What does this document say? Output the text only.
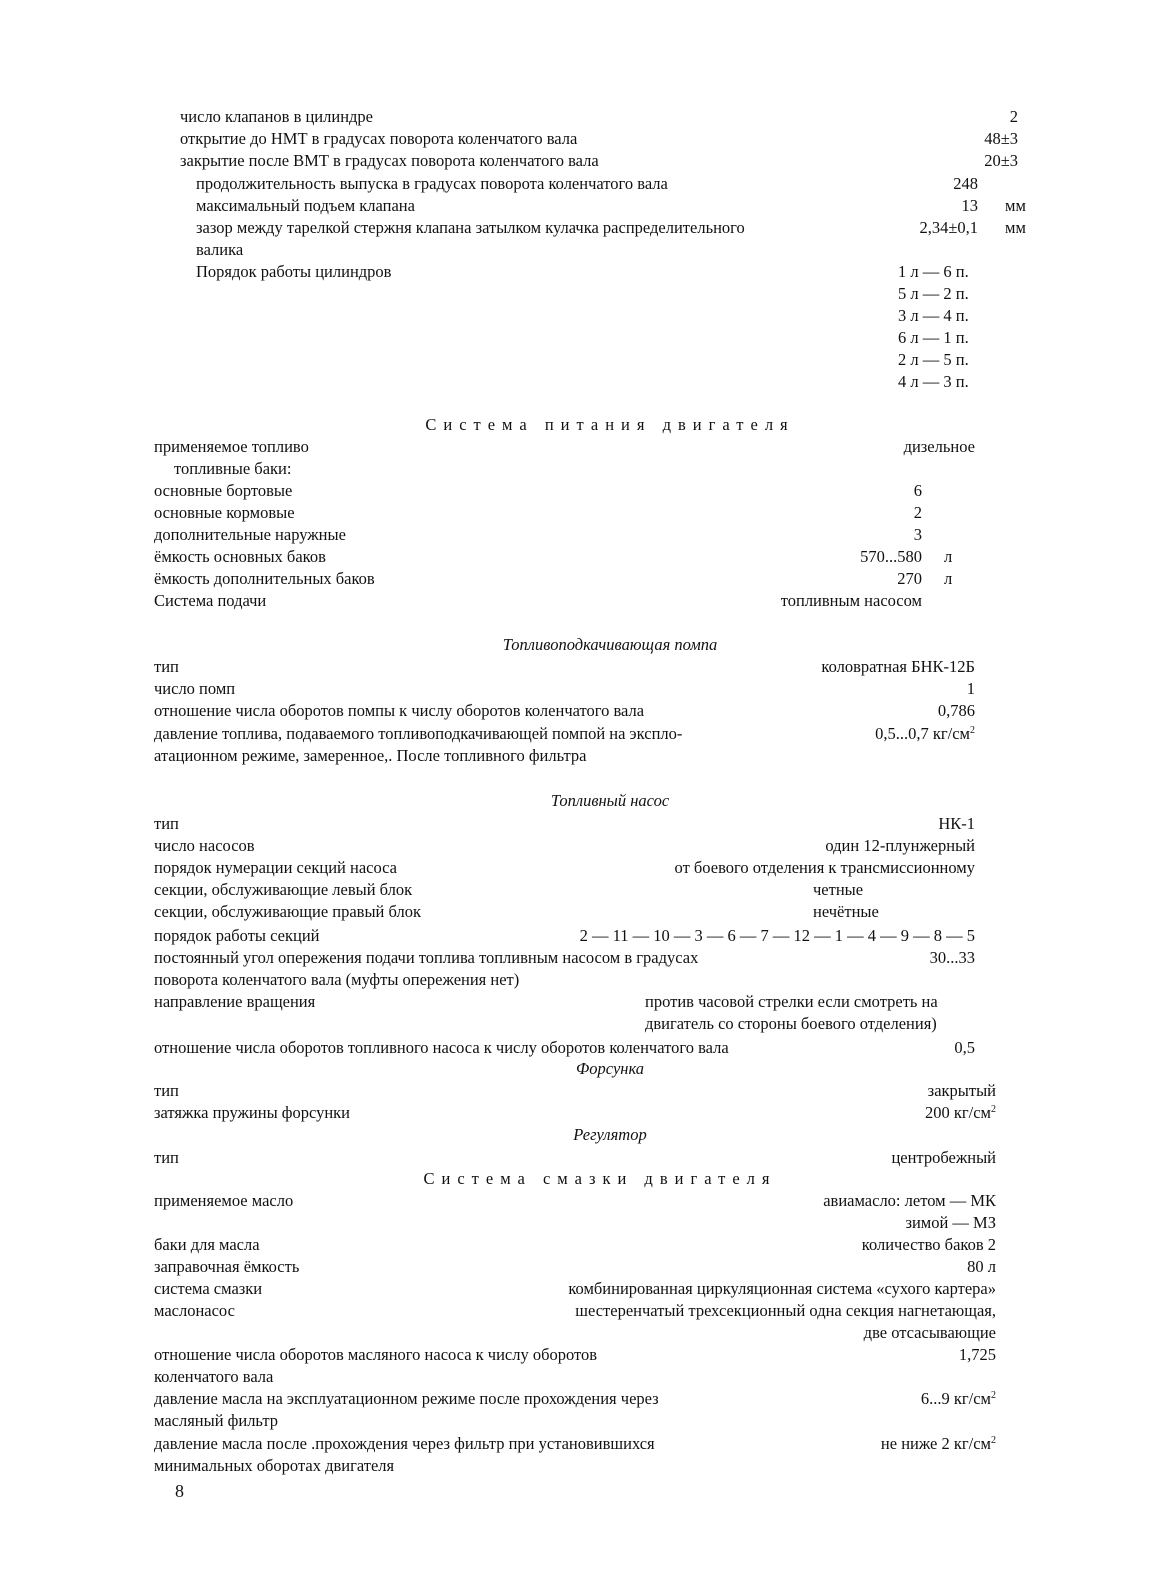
число клапанов в цилиндре	2
открытие до НМТ в градусах поворота коленчатого вала	48±3
закрытие после ВМТ в градусах поворота коленчатого вала	20±3
продолжительность выпуска в градусах поворота коленчатого вала	248
максимальный подъем клапана	13 мм
зазор между тарелкой стержня клапана затылком кулачка распределительного	2,34±0,1 мм
валика
Порядок работы цилиндров	1 л — 6 п.
5 л — 2 п.
3 л — 4 п.
6 л — 1 п.
2 л — 5 п.
4 л — 3 п.
Система питания двигателя
применяемое топливо	дизельное
топливные баки:
основные бортовые	6
основные кормовые	2
дополнительные наружные	3
ёмкость основных баков	570...580 л
ёмкость дополнительных баков	270 л
Система подачи	топливным насосом
Топливоподкачивающая помпа
тип	коловратная БНК-12Б
число помп	1
отношение числа оборотов помпы к числу оборотов коленчатого вала	0,786
давление топлива, подаваемого топливоподкачивающей помпой на экспло-	0,5...0,7 $кг/см^2$
атационном режиме, замеренное,. После топливного фильтра
Топливный насос
тип	НК-1
число насосов	один 12-плунжерный
порядок нумерации секций насоса	от боевого отделения к трансмиссионному
секции, обслуживающие левый блок	четные
секции, обслуживающие правый блок	нечётные
порядок работы секций	2 — 11 — 10 — 3 — 6 — 7 — 12 — 1 — 4 — 9 — 8 — 5
постоянный угол опережения подачи топлива топливным насосом в градусах	30...33
поворота коленчатого вала (муфты опережения нет)
направление вращения	против часовой стрелки если смотреть на
двигатель со стороны боевого отделения)
отношение числа оборотов топливного насоса к числу оборотов коленчатого вала	0,5
Форсунка
тип	закрытый
затяжка пружины форсунки	200 $кг/см^2$
Регулятор
тип	центробежный
Система смазки двигателя
применяемое масло	авиамасло: летом — МК
зимой — МЗ
баки для масла	количество баков 2
заправочная ёмкость	80 л
система смазки	комбинированная циркуляционная система «сухого картера»
маслонасос	шестеренчатый трехсекционный одна секция нагнетающая,
две отсасывающие
отношение числа оборотов масляного насоса к числу оборотов	1,725
коленчатого вала
давление масла на эксплуатационном режиме после прохождения через	6...9 $кг/см^2$
масляный фильтр
давление масла после .прохождения через фильтр при установившихся	не ниже 2 $кг/см^2$
минимальных оборотах двигателя
8
